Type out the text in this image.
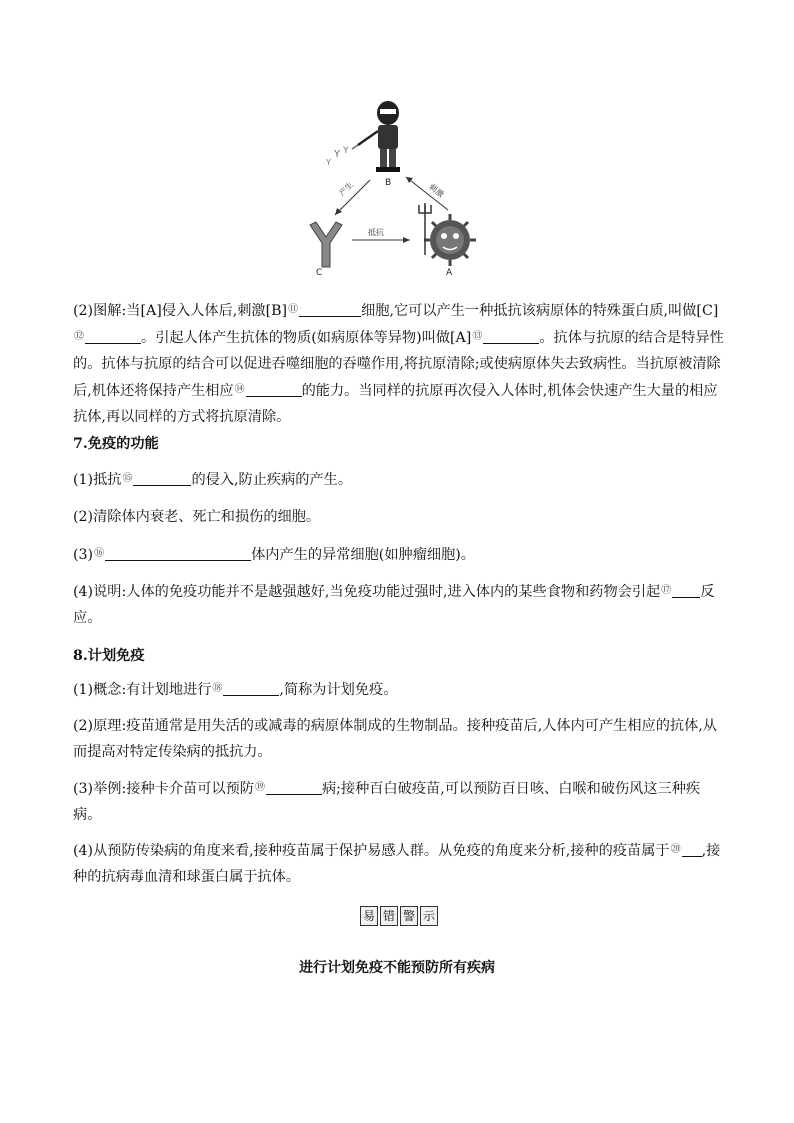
Y Y
Y
B
产生	刺激
C
抵抗
A
(2)图解:当[A]侵入人体后,刺激[B]⑪	细胞,它可以产生一种抵抗该病原体的特殊蛋白质,叫做[C]⑫	。引起人体产生抗体的物质(如病原体等异物)叫做[A]⑬	。抗体与抗原的结合是特异性的。抗体与抗原的结合可以促进吞噬细胞的吞噬作用,将抗原清除;或使病原体失去致病性。当抗原被清除后,机体还将保持产生相应⑭	的能力。当同样的抗原再次侵入人体时,机体会快速产生大量的相应抗体,再以同样的方式将抗原清除。
7.免疫的功能
(1)抵抗⑮	的侵入,防止疾病的产生。
(2)清除体内衰老、死亡和损伤的细胞。
(3)⑯	体内产生的异常细胞(如肿瘤细胞)。
(4)说明:人体的免疫功能并不是越强越好,当免疫功能过强时,进入体内的某些食物和药物会引起⑰ 反应。
8.计划免疫
(1)概念:有计划地进行⑱	,简称为计划免疫。
(2)原理:疫苗通常是用失活的或减毒的病原体制成的生物制品。接种疫苗后,人体内可产生相应的抗体,从而提高对特定传染病的抵抗力。
(3)举例:接种卡介苗可以预防⑲	病;接种百白破疫苗,可以预防百日咳、白喉和破伤风这三种疾病。
(4)从预防传染病的角度来看,接种疫苗属于保护易感人群。从免疫的角度来分析,接种的疫苗属于⑳ ,接种的抗病毒血清和球蛋白属于抗体。
易 错 警 示
进行计划免疫不能预防所有疾病
